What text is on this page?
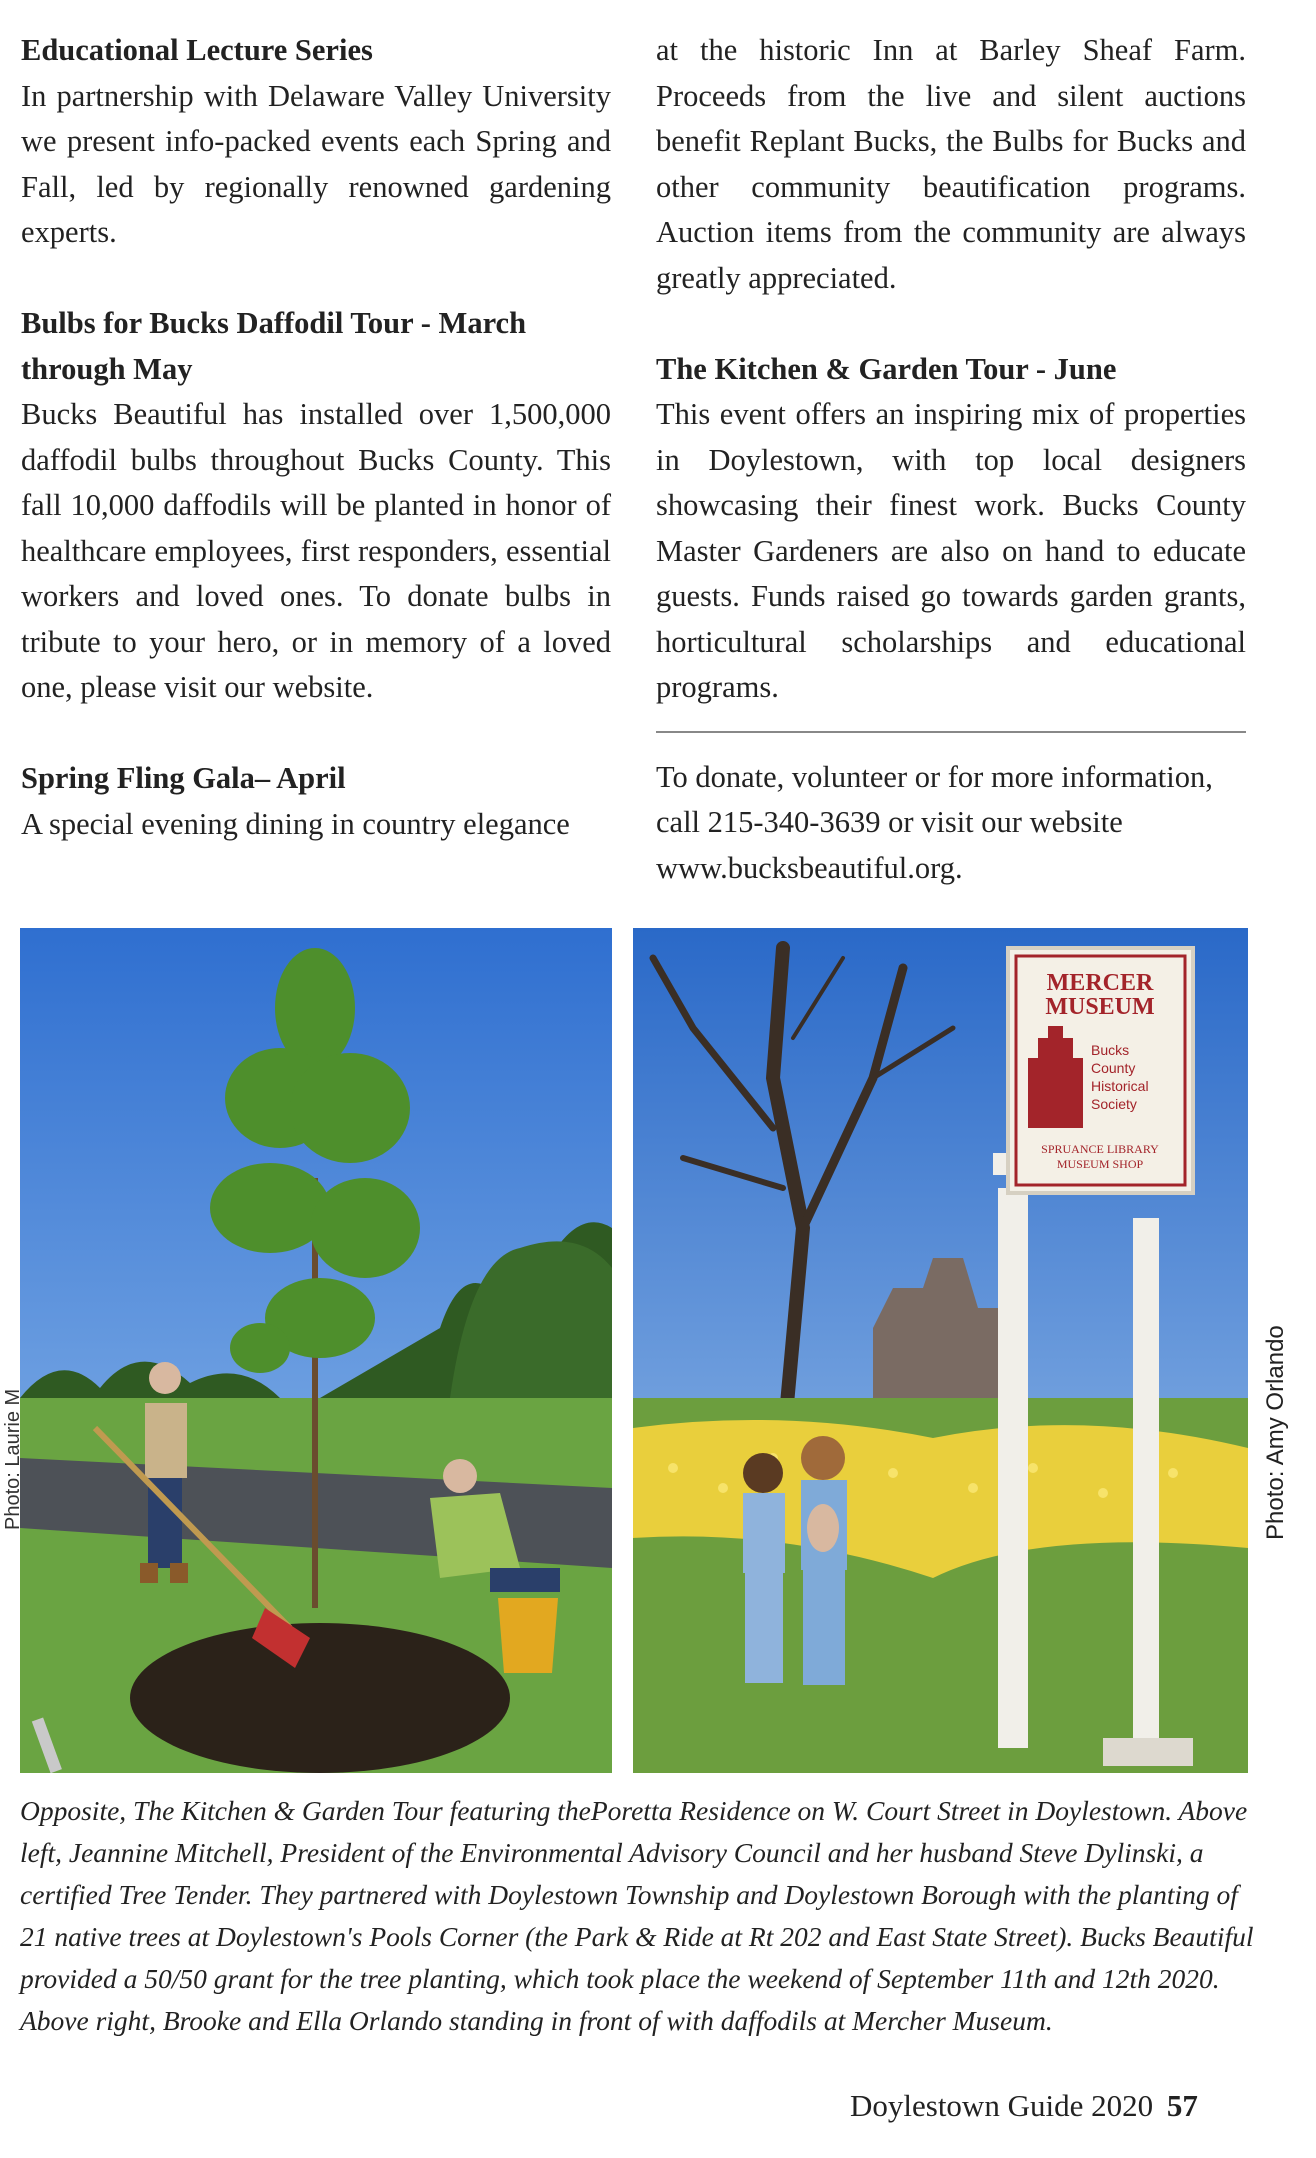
Educational Lecture Series

In partnership with Delaware Valley University we present info-packed events each Spring and Fall, led by regionally renowned gardening experts.

Bulbs for Bucks Daffodil Tour - March through May

Bucks Beautiful has installed over 1,500,000 daffodil bulbs throughout Bucks County. This fall 10,000 daffodils will be planted in honor of healthcare employees, first responders, essential workers and loved ones. To donate bulbs in tribute to your hero, or in memory of a loved one, please visit our website.

Spring Fling Gala– April

A special evening dining in country elegance

at the historic Inn at Barley Sheaf Farm. Proceeds from the live and silent auctions benefit Replant Bucks, the Bulbs for Bucks and other community beautification programs. Auction items from the community are always greatly appreciated.

The Kitchen & Garden Tour - June

This event offers an inspiring mix of properties in Doylestown, with top local designers showcasing their finest work. Bucks County Master Gardeners are also on hand to educate guests. Funds raised go towards garden grants, horticultural scholarships and educational programs.

To donate, volunteer or for more information, call 215-340-3639 or visit our website www.bucksbeautiful.org.

Photo: Laurie M
MERCER
MUSEUM
Bucks
County
Historical
Society
SPRUANCE LIBRARY
MUSEUM SHOP
Photo: Amy Orlando
Opposite, The Kitchen & Garden Tour featuring thePoretta Residence on W. Court Street in Doylestown. Above left, Jeannine Mitchell, President of the Environmental Advisory Council and her husband Steve Dylinski, a certified Tree Tender. They partnered with Doylestown Township and Doylestown Borough with the planting of 21 native trees at Doylestown's Pools Corner (the Park & Ride at Rt 202 and East State Street). Bucks Beautiful provided a 50/50 grant for the tree planting, which took place the weekend of September 11th and 12th 2020. Above right, Brooke and Ella Orlando standing in front of with daffodils at Mercher Museum.
Doylestown Guide 2020 57
